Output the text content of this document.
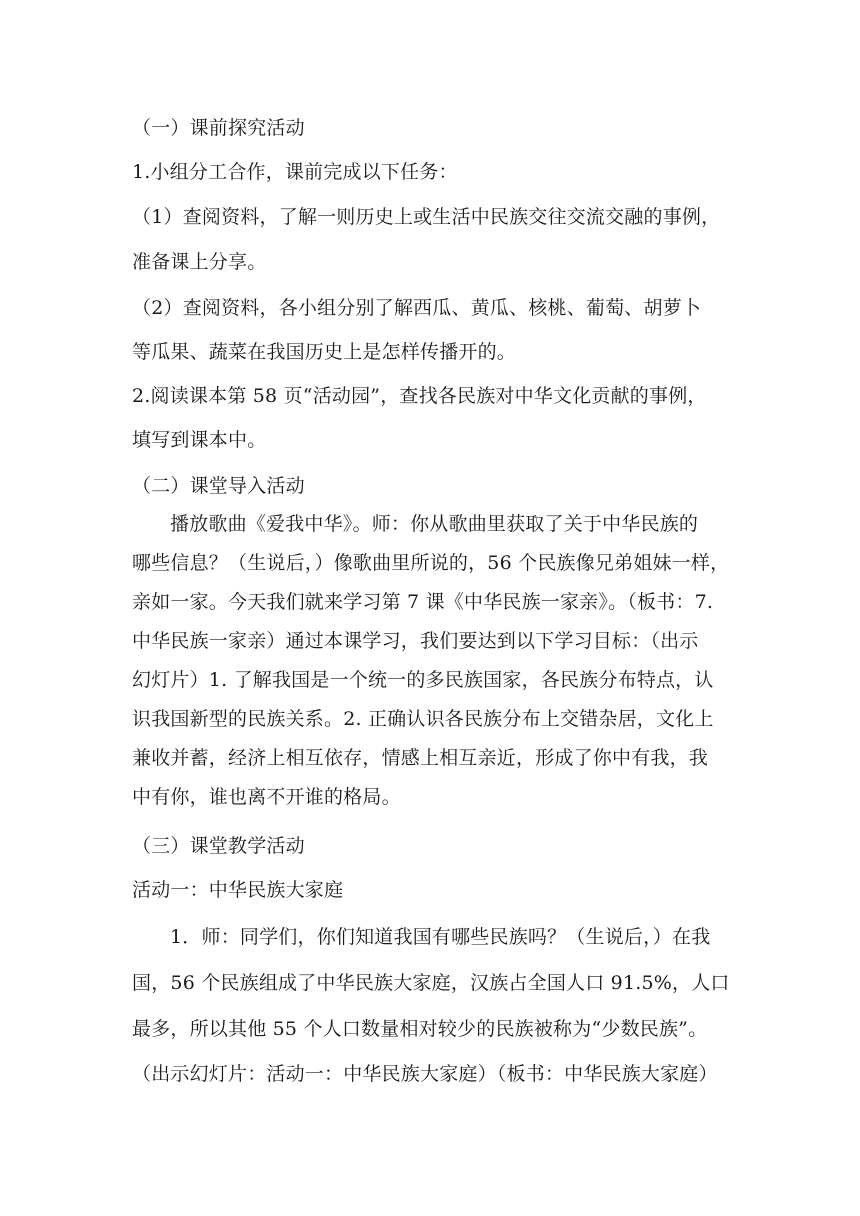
（一）课前探究活动
1.小组分工合作，课前完成以下任务：
（1）查阅资料，了解一则历史上或生活中民族交往交流交融的事例，
准备课上分享。
（2）查阅资料，各小组分别了解西瓜、黄瓜、核桃、葡萄、胡萝卜
等瓜果、蔬菜在我国历史上是怎样传播开的。
2.阅读课本第 58 页“活动园”，查找各民族对中华文化贡献的事例，
填写到课本中。
（二）课堂导入活动
播放歌曲《爱我中华》。师：你从歌曲里获取了关于中华民族的
哪些信息？（生说后，）像歌曲里所说的，56 个民族像兄弟姐妹一样，
亲如一家。今天我们就来学习第 7 课《中华民族一家亲》。（板书：7.
中华民族一家亲）通过本课学习，我们要达到以下学习目标：（出示
幻灯片）1. 了解我国是一个统一的多民族国家，各民族分布特点，认
识我国新型的民族关系。2. 正确认识各民族分布上交错杂居，文化上
兼收并蓄，经济上相互依存，情感上相互亲近，形成了你中有我，我
中有你，谁也离不开谁的格局。
（三）课堂教学活动
活动一：中华民族大家庭
1．师：同学们，你们知道我国有哪些民族吗？（生说后，）在我
国，56 个民族组成了中华民族大家庭，汉族占全国人口 91.5%，人口
最多，所以其他 55 个人口数量相对较少的民族被称为“少数民族”。
（出示幻灯片：活动一：中华民族大家庭）（板书：中华民族大家庭）
